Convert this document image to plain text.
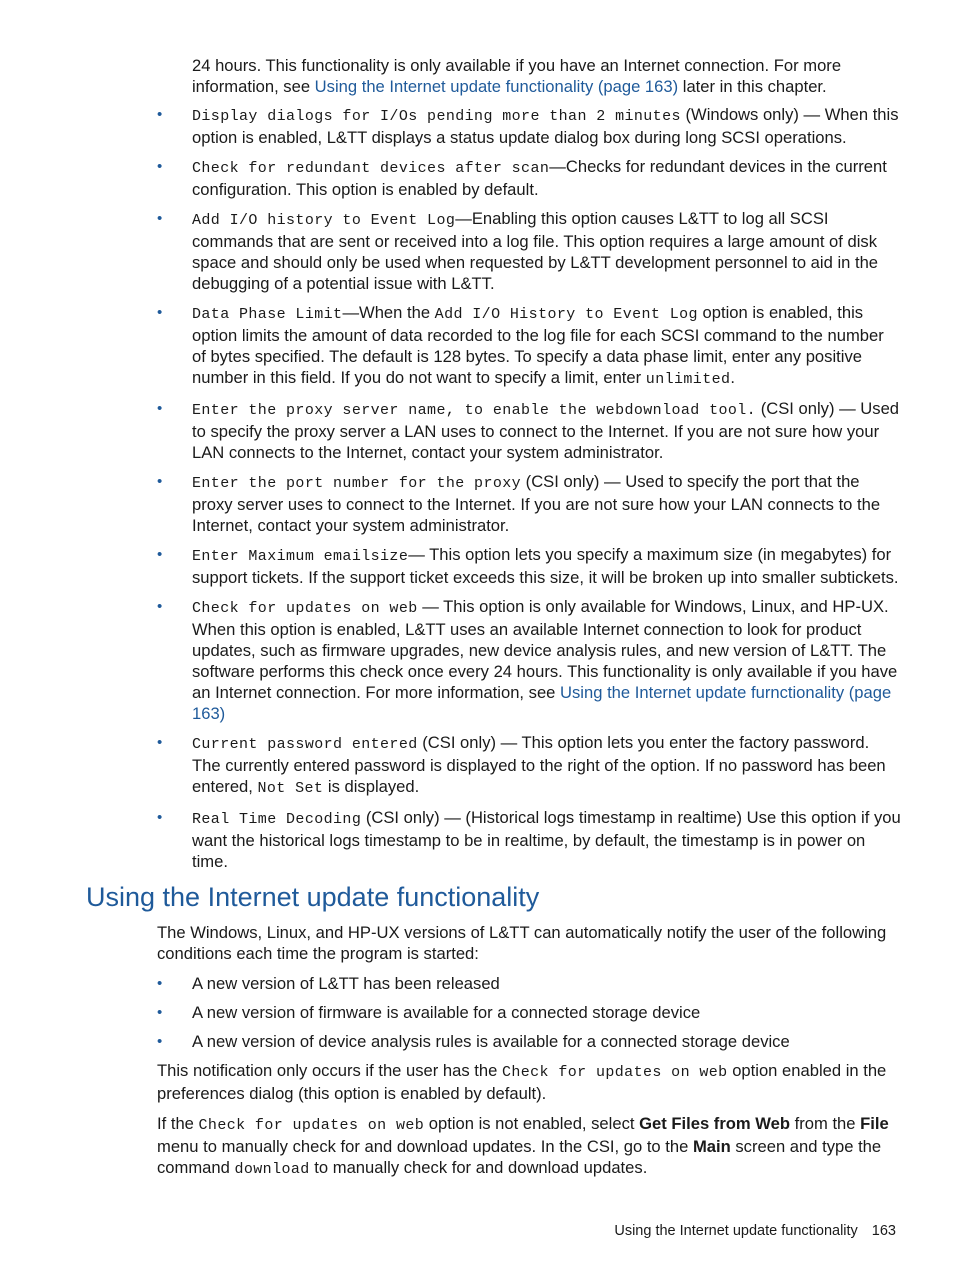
24 hours. This functionality is only available if you have an Internet connection. For more information, see Using the Internet update functionality (page 163) later in this chapter.

• Display dialogs for I/Os pending more than 2 minutes (Windows only) — When this option is enabled, L&TT displays a status update dialog box during long SCSI operations.
• Check for redundant devices after scan—Checks for redundant devices in the current configuration. This option is enabled by default.
• Add I/O history to Event Log—Enabling this option causes L&TT to log all SCSI commands that are sent or received into a log file. This option requires a large amount of disk space and should only be used when requested by L&TT development personnel to aid in the debugging of a potential issue with L&TT.
• Data Phase Limit—When the Add I/O History to Event Log option is enabled, this option limits the amount of data recorded to the log file for each SCSI command to the number of bytes specified. The default is 128 bytes. To specify a data phase limit, enter any positive number in this field. If you do not want to specify a limit, enter unlimited.
• Enter the proxy server name, to enable the webdownload tool. (CSI only) — Used to specify the proxy server a LAN uses to connect to the Internet. If you are not sure how your LAN connects to the Internet, contact your system administrator.
• Enter the port number for the proxy (CSI only) — Used to specify the port that the proxy server uses to connect to the Internet. If you are not sure how your LAN connects to the Internet, contact your system administrator.
• Enter Maximum emailsize— This option lets you specify a maximum size (in megabytes) for support tickets. If the support ticket exceeds this size, it will be broken up into smaller subtickets.
• Check for updates on web — This option is only available for Windows, Linux, and HP-UX. When this option is enabled, L&TT uses an available Internet connection to look for product updates, such as firmware upgrades, new device analysis rules, and new version of L&TT. The software performs this check once every 24 hours. This functionality is only available if you have an Internet connection. For more information, see Using the Internet update furnctionality (page 163)
• Current password entered (CSI only) — This option lets you enter the factory password. The currently entered password is displayed to the right of the option. If no password has been entered, Not Set is displayed.
• Real Time Decoding (CSI only) — (Historical logs timestamp in realtime) Use this option if you want the historical logs timestamp to be in realtime, by default, the timestamp is in power on time.
Using the Internet update functionality

The Windows, Linux, and HP-UX versions of L&TT can automatically notify the user of the following conditions each time the program is started:

• A new version of L&TT has been released
• A new version of firmware is available for a connected storage device
• A new version of device analysis rules is available for a connected storage device

This notification only occurs if the user has the Check for updates on web option enabled in the preferences dialog (this option is enabled by default).

If the Check for updates on web option is not enabled, select Get Files from Web from the File menu to manually check for and download updates. In the CSI, go to the Main screen and type the command download to manually check for and download updates.

Using the Internet update functionality 163
